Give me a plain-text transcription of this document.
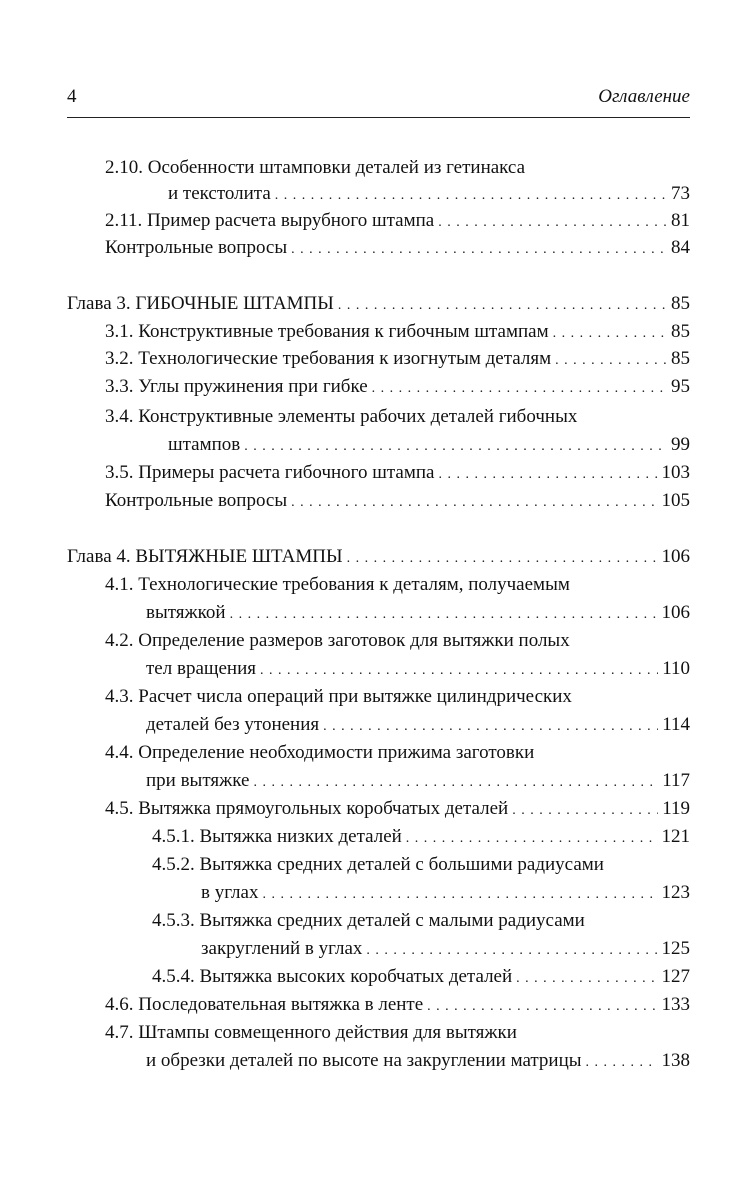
4	Оглавление
2.10. Особенности штамповки деталей из гетинакса
и текстолита . . .	73
2.11. Пример расчета вырубного штампа . . .	81
Контрольные вопросы . . .	84
Глава 3. ГИБОЧНЫЕ ШТАМПЫ . . .	85
3.1. Конструктивные требования к гибочным штампам . . .	85
3.2. Технологические требования к изогнутым деталям . . .	85
3.3. Углы пружинения при гибке . . .	95
3.4. Конструктивные элементы рабочих деталей гибочных
штампов . . .	99
3.5. Примеры расчета гибочного штампа . . .	103
Контрольные вопросы . . .	105
Глава 4. ВЫТЯЖНЫЕ ШТАМПЫ . . .	106
4.1. Технологические требования к деталям, получаемым
вытяжкой . . .	106
4.2. Определение размеров заготовок для вытяжки полых
тел вращения . . .	110
4.3. Расчет числа операций при вытяжке цилиндрических
деталей без утонения . . .	114
4.4. Определение необходимости прижима заготовки
при вытяжке . . .	117
4.5. Вытяжка прямоугольных коробчатых деталей . . .	119
4.5.1. Вытяжка низких деталей . . .	121
4.5.2. Вытяжка средних деталей с большими радиусами
в углах . . .	123
4.5.3. Вытяжка средних деталей с малыми радиусами
закруглений в углах . . .	125
4.5.4. Вытяжка высоких коробчатых деталей . . .	127
4.6. Последовательная вытяжка в ленте . . .	133
4.7. Штампы совмещенного действия для вытяжки
и обрезки деталей по высоте на закруглении матрицы . . .	138
